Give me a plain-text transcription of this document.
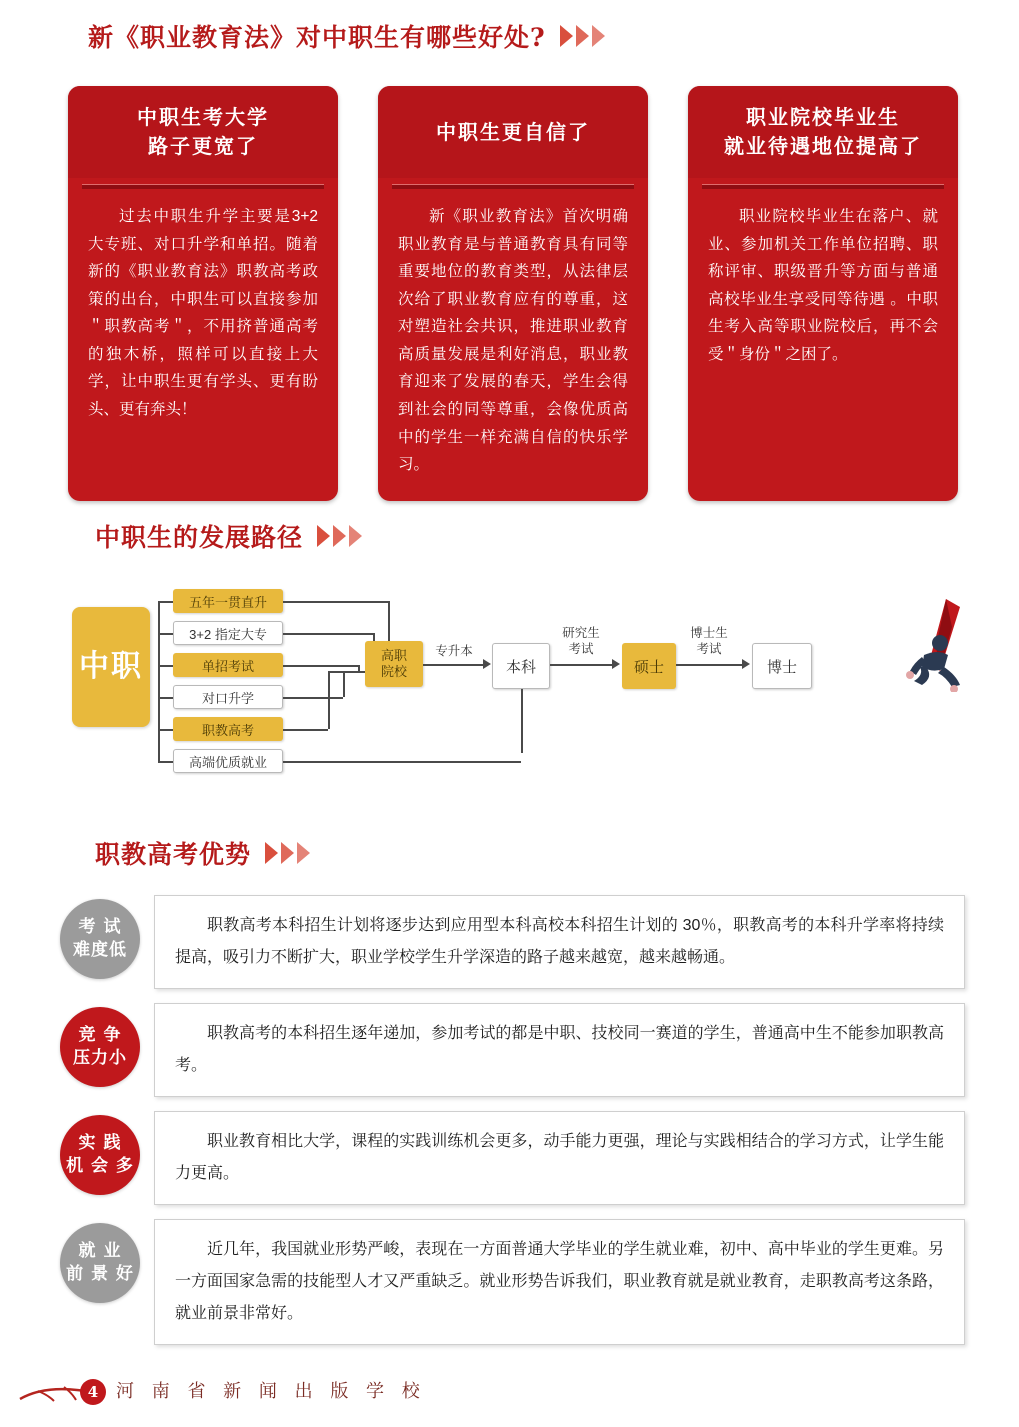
新《职业教育法》对中职生有哪些好处?
中职生考大学
路子更宽了
过去中职生升学主要是3+2 大专班、对口升学和单招。随着新的《职业教育法》职教高考政策的出台，中职生可以直接参加＂职教高考＂，不用挤普通高考的独木桥，照样可以直接上大学，让中职生更有学头、更有盼头、更有奔头！
中职生更自信了
新《职业教育法》首次明确职业教育是与普通教育具有同等重要地位的教育类型，从法律层次给了职业教育应有的尊重，这对塑造社会共识，推进职业教育高质量发展是利好消息，职业教育迎来了发展的春天，学生会得到社会的同等尊重，会像优质高中的学生一样充满自信的快乐学习。
职业院校毕业生
就业待遇地位提高了
职业院校毕业生在落户、就业、参加机关工作单位招聘、职称评审、职级晋升等方面与普通高校毕业生享受同等待遇 。中职生考入高等职业院校后，再不会受＂身份＂之困了。
中职生的发展路径
中职
五年一贯直升
3+2 指定大专
单招考试
对口升学
职教高考
高端优质就业
高职
院校
专升本
本科
研究生
考试
硕士
博士生
考试
博士
职教高考优势
考 试
难度低
职教高考本科招生计划将逐步达到应用型本科高校本科招生计划的 30％，职教高考的本科升学率将持续提高，吸引力不断扩大，职业学校学生升学深造的路子越来越宽，越来越畅通。
竞 争
压力小
职教高考的本科招生逐年递加，参加考试的都是中职、技校同一赛道的学生，普通高中生不能参加职教高考。
实 践
机 会 多
职业教育相比大学，课程的实践训练机会更多，动手能力更强，理论与实践相结合的学习方式，让学生能力更高。
就 业
前 景 好
近几年，我国就业形势严峻，表现在一方面普通大学毕业的学生就业难，初中、高中毕业的学生更难。另一方面国家急需的技能型人才又严重缺乏。就业形势告诉我们，职业教育就是就业教育，走职教高考这条路，就业前景非常好。
4 河 南 省 新 闻 出 版 学 校
